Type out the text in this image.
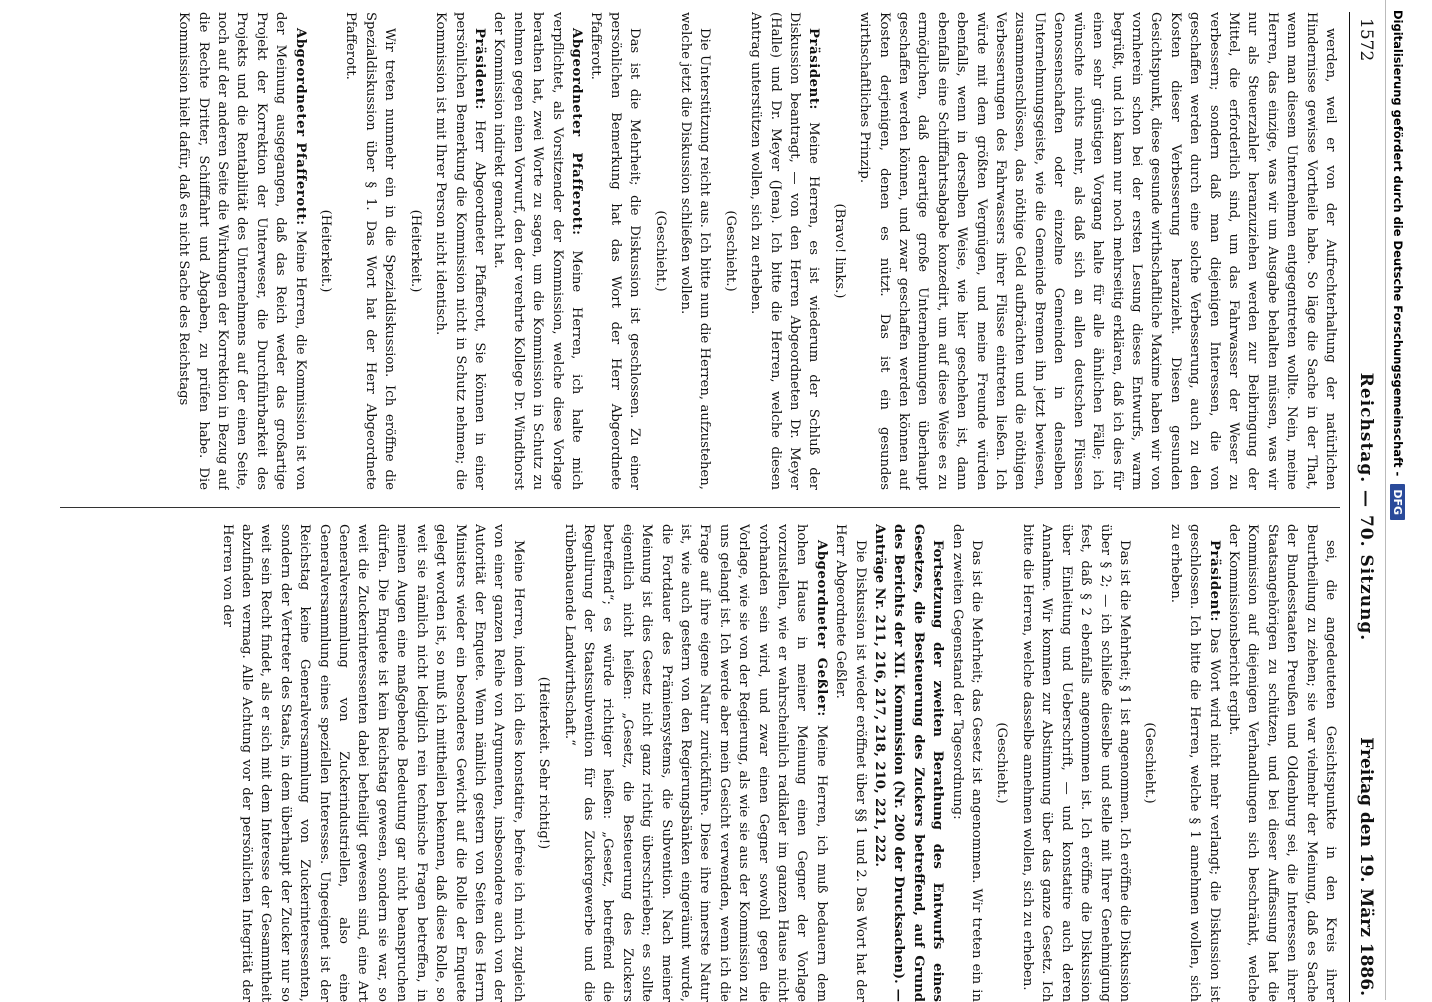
1572
Reichstag. — 70. Sitzung.
Freitag den 19. März 1886.

werden, weil er von der Aufrechterhaltung der natürlichen Hindernisse gewisse Vortheile habe. So läge die Sache in der That, wenn man diesem Unternehmen entgegentreten wollte. Nein, meine Herren, das einzige, was wir um Ausgabe behalten müssen, was wir nur als Steuerzahler heranzuziehen werden zur Beibringung der Mittel, die erforderlich sind, um das Fahrwasser der Weser zu verbessern; sondern daß man diejenigen Interessen, die von geschaffen werden durch eine solche Verbesserung, auch zu den Kosten dieser Verbesserung heranzieht. Diesen gesunden Gesichtspunkt, diese gesunde wirthschaftliche Maxime haben wir von vornherein schon bei der ersten Lesung dieses Entwurfs, warm begrüßt, und ich kann nur noch mehrseitig erklären, daß ich dies für einen sehr günstigen Vorgang halte für alle ähnlichen Fälle; ich wünschte nichts mehr, als daß sich an allen deutschen Flüssen Genossenschaften oder einzelne Gemeinden in denselben Unternehmungsgeiste, wie die Gemeinde Bremen ihn jetzt bewiesen, zusammenschlössen, das nöthige Geld aufbrächten und die nöthigen Verbesserungen des Fahrwassers ihrer Flüsse eintreten ließen. Ich würde mit dem größten Vergnügen, und meine Freunde würden ebenfalls, wenn in derselben Weise, wie hier geschehen ist, dann ebenfalls eine Schifffahrtsabgabe konzedirt, um auf diese Weise es zu ermöglichen, daß derartige große Unternehmungen überhaupt geschaffen werden können, und zwar geschaffen werden können auf Kosten derjenigen, denen es nützt. Das ist ein gesundes wirthschaftliches Prinzip.

(Bravo! links.)

Präsident: Meine Herren, es ist wiederum der Schluß der Diskussion beantragt, — von den Herren Abgeordneten Dr. Meyer (Halle) und Dr. Meyer (Jena). Ich bitte die Herren, welche diesen Antrag unterstützen wollen, sich zu erheben.

(Geschieht.)

Die Unterstützung reicht aus. Ich bitte nun die Herren, aufzustehen, welche jetzt die Diskussion schließen wollen.

(Geschieht.)

Das ist die Mehrheit; die Diskussion ist geschlossen. Zu einer persönlichen Bemerkung hat das Wort der Herr Abgeordnete Pfafferott.

Abgeordneter Pfafferott: Meine Herren, ich halte mich verpflichtet, als Vorsitzender der Kommission, welche diese Vorlage berathen hat, zwei Worte zu sagen, um die Kommission in Schutz zu nehmen gegen einen Vorwurf, den der verehrte Kollege Dr. Windthorst der Kommission indirekt gemacht hat.

Präsident: Herr Abgeordneter Pfafferott, Sie können in einer persönlichen Bemerkung die Kommission nicht in Schutz nehmen; die Kommission ist mit Ihrer Person nicht identisch.

(Heiterkeit.)

Wir treten nunmehr ein in die Spezialdiskussion. Ich eröffne die Spezialdiskussion über § 1. Das Wort hat der Herr Abgeordnete Pfafferott.

(Heiterkeit.)

Abgeordneter Pfafferott: Meine Herren, die Kommission ist von der Meinung ausgegangen, daß das Reich weder das großartige Projekt der Korrektion der Unterweser, die Durchführbarkeit des Projekts und die Rentabilität des Unternehmens auf der einen Seite, noch auf der anderen Seite die Wirkungen der Korrektion in Bezug auf die Rechte Dritter, Schifffahrt und Abgaben, zu prüfen habe. Die Kommission hielt dafür, daß es nicht Sache des Reichstags

sei, die angedeuteten Gesichtspunkte in den Kreis ihrer Beurtheilung zu ziehen; sie war vielmehr der Meinung, daß es Sache der Bundesstaaten Preußen und Oldenburg sei, die Interessen ihrer Staatsangehörigen zu schützen, und bei dieser Auffassung hat die Kommission auf diejenigen Verhandlungen sich beschränkt, welche der Kommissionsbericht ergibt.

Präsident: Das Wort wird nicht mehr verlangt; die Diskussion ist geschlossen. Ich bitte die Herren, welche § 1 annehmen wollen, sich zu erheben.

(Geschieht.)

Das ist die Mehrheit; § 1 ist angenommen. Ich eröffne die Diskussion über § 2; — ich schließe dieselbe und stelle mit Ihrer Genehmigung fest, daß § 2 ebenfalls angenommen ist. Ich eröffne die Diskussion über Einleitung und Ueberschrift, — und konstatire auch deren Annahme. Wir kommen zur Abstimmung über das ganze Gesetz. Ich bitte die Herren, welche dasselbe annehmen wollen, sich zu erheben.

(Geschieht.)

Das ist die Mehrheit; das Gesetz ist angenommen. Wir treten ein in den zweiten Gegenstand der Tagesordnung:

Fortsetzung der zweiten Berathung des Entwurfs eines Gesetzes, die Besteuerung des Zuckers betreffend, auf Grund des Berichts der XII. Kommission (Nr. 200 der Drucksachen). — Anträge Nr. 211, 216, 217, 218, 210, 221, 222.

Die Diskussion ist wieder eröffnet über §§ 1 und 2. Das Wort hat der Herr Abgeordnete Geßler.

Abgeordneter Geßler: Meine Herren, ich muß bedauern dem hohen Hause in meiner Meinung einen Gegner der Vorlage vorzustellen, wie er wahrscheinlich radikaler im ganzen Hause nicht vorhanden sein wird, und zwar einen Gegner sowohl gegen die Vorlage, wie sie von der Regierung, als wie sie aus der Kommission zu uns gelangt ist. Ich werde aber mein Gesicht verwenden, wenn ich die Frage auf ihre eigene Natur zurückführe. Diese ihre innerste Natur ist, wie auch gestern von den Regierungsbänken eingeräumt wurde, die Fortdauer des Prämiensystems, die Subvention. Nach meiner Meinung ist dies Gesetz nicht ganz richtig überschrieben; es sollte eigentlich nicht heißen: „Gesetz, die Besteuerung des Zuckers betreffend“; es würde richtiger heißen: „Gesetz, betreffend die Regulirung der Staatssubvention für das Zuckergewerbe und die rübenbauende Landwirthschaft.“

(Heiterkeit. Sehr richtig!)

Meine Herren, indem ich dies konstatire, befreie ich mich zugleich von einer ganzen Reihe von Argumenten, insbesondere auch von der Autorität der Enquete. Wenn nämlich gestern von Seiten des Herrn Ministers wieder ein besonderes Gewicht auf die Rolle der Enquete gelegt worden ist, so muß ich mittheilen bekennen, daß diese Rolle, so weit sie nämlich nicht lediglich rein technische Fragen betreffen, in meinen Augen eine maßgebende Bedeutung gar nicht beanspruchen dürfen. Die Enquete ist kein Reichstag gewesen, sondern sie war, so weit die Zuckerinteressenten dabei betheiligt gewesen sind, eine Art Generalversammlung von Zuckerindustriellen, also eine Generalversammlung eines speziellen Interesses. Ungeeignet ist der Reichstag keine Generalversammlung von Zuckerinteressenten, sondern der Vertreter des Staats, in dem überhaupt der Zucker nur so weit sein Recht findet, als er sich mit dem Interesse der Gesammtheit abzufinden vermag. Alle Achtung vor der persönlichen Integrität der Herren von der

Digitalisierung gefördert durch die Deutsche Forschungsgemeinschaft -
DFG
